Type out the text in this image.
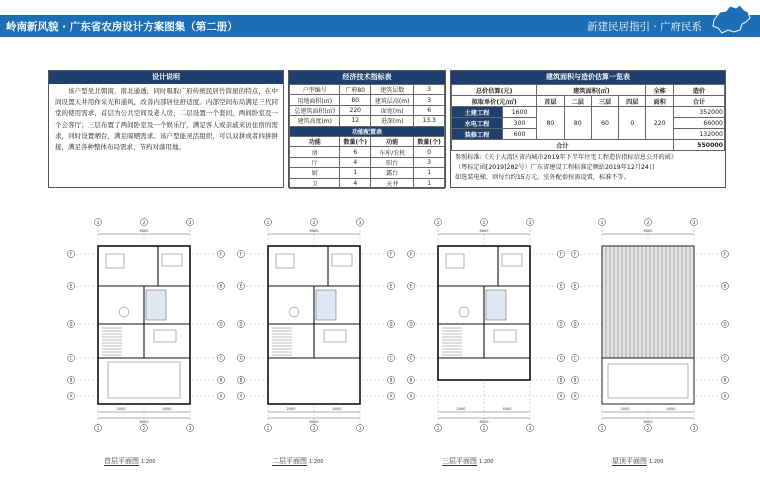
岭南新风貌 · 广东省农房设计方案图集（第二册）	新建民居指引 · 广府民系
设计说明
该户型坐北朝南，南北通透，同时吸取广府传统民居竹筒屋的特点，在中间设置天井用作采光和通风，改善内部居住舒适度。内部空间布局满足三代同堂的使用需求，首层为公共空间及老人房，二层设置一个套间，两间卧室及一个会客厅；三层布置了两间卧室及一个娱乐厅，满足客人或亲戚来访住宿的需求，同时设置晒台，满足晾晒需求。该户型能灵活组织，可以双拼或者四拼拼接，满足各种整体布局需求，节约对落用地。
经济技术指标表
户型编号	广府80	建筑层数	3
用地面积(㎡)	80	建筑层高(m)	3
总建筑面积(㎡)	220	面宽(m)	6
建筑高度(m)	12	进深(m)	13.3
功能配置表			
功能	数量(个)	功能	数量(个)
房	6	车库/农机	0
厅	4	阳台	3
厨	1	露台	1
卫	4	天井	1
建筑面积与造价估算一览表
总价估算(元)		建筑面积(㎡)				全栋	造价
拟取单价(元/㎡)		首层	二层	三层	四层	面积	合计
土建工程	1600	80	80	60	0	220	352000
水电工程	300						66000
装修工程	600						132000
合计							550000
参照标准:《关于大湾区省内城市2019年下半年住宅工程造价指标信息公开的函》
（粤标定函[2019]282号）广东省建设工程标准定额站2019年12月24日
如选装电梯，则每台约15万元。室外配套按需设置，标准不等。
1
1
2
2
3
3
F	F
E	E
D	D
C	C
B	B
A	A
6000
2000	4000
6000
1
1
2
2
3
3
F	F
E	E
D	D
C	C
B	B
A	A
6000
2000	4000
6000
1
1
2
2
3
3
F	F
E	E
D	D
C	C
B	B
A	A
6000
2000	4000
6000
1
1
2
2
3
3
F	F
E	E
D	D
C	C
B	B
A	A
6000
2000	4000
6000
首层平面图 1:200	二层平面图 1:200	三层平面图 1:200	屋顶平面图 1:200
